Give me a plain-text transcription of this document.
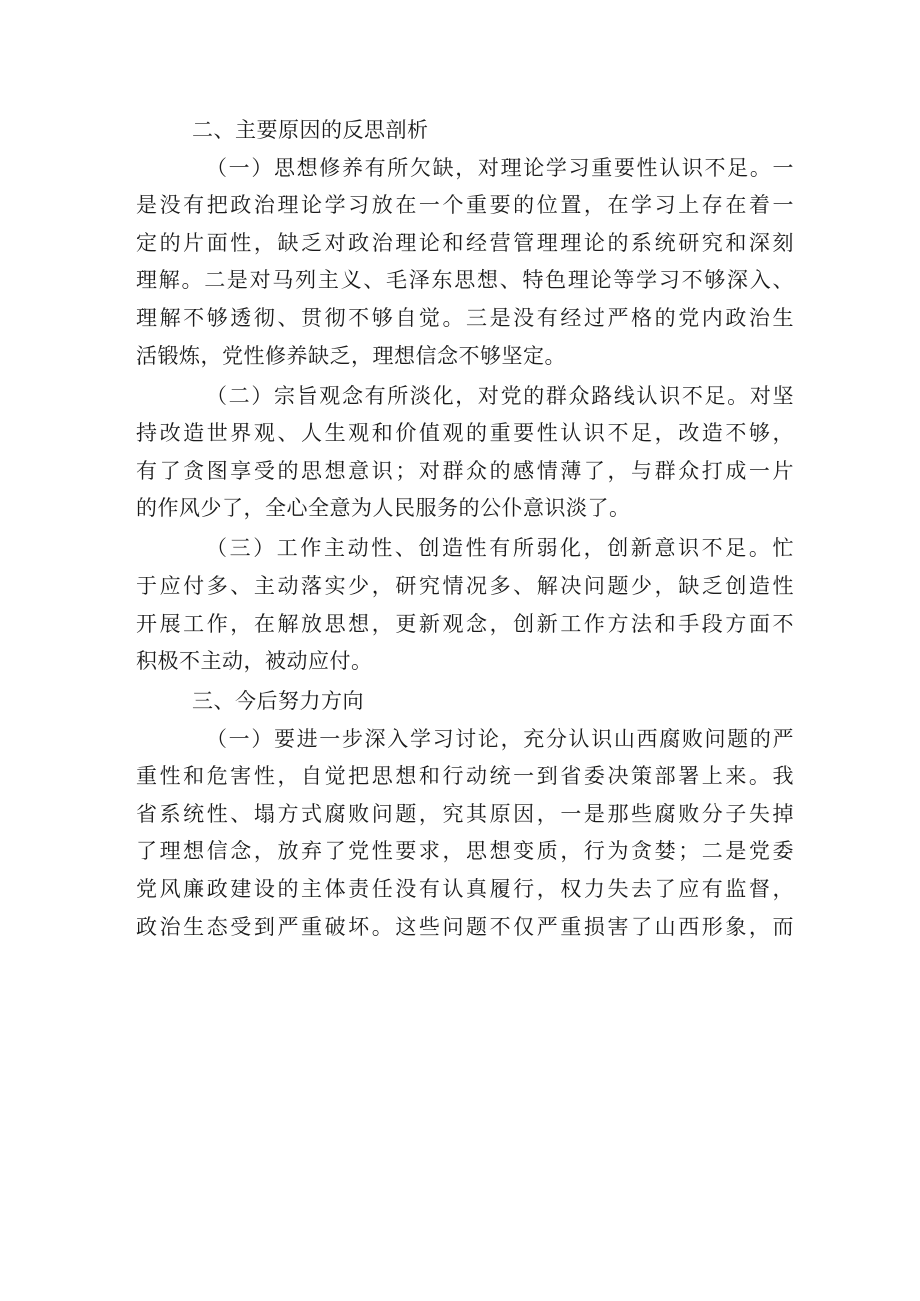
二、主要原因的反思剖析
（一）思想修养有所欠缺，对理论学习重要性认识不足。一
是没有把政治理论学习放在一个重要的位置，在学习上存在着一
定的片面性，缺乏对政治理论和经营管理理论的系统研究和深刻
理解。二是对马列主义、毛泽东思想、特色理论等学习不够深入、
理解不够透彻、贯彻不够自觉。三是没有经过严格的党内政治生
活锻炼，党性修养缺乏，理想信念不够坚定。
（二）宗旨观念有所淡化，对党的群众路线认识不足。对坚
持改造世界观、人生观和价值观的重要性认识不足，改造不够，
有了贪图享受的思想意识；对群众的感情薄了，与群众打成一片
的作风少了，全心全意为人民服务的公仆意识淡了。
（三）工作主动性、创造性有所弱化，创新意识不足。忙
于应付多、主动落实少，研究情况多、解决问题少，缺乏创造性
开展工作，在解放思想，更新观念，创新工作方法和手段方面不
积极不主动，被动应付。
三、今后努力方向
（一）要进一步深入学习讨论，充分认识山西腐败问题的严
重性和危害性，自觉把思想和行动统一到省委决策部署上来。我
省系统性、塌方式腐败问题，究其原因，一是那些腐败分子失掉
了理想信念，放弃了党性要求，思想变质，行为贪婪；二是党委
党风廉政建设的主体责任没有认真履行，权力失去了应有监督，
政治生态受到严重破坏。这些问题不仅严重损害了山西形象，而
